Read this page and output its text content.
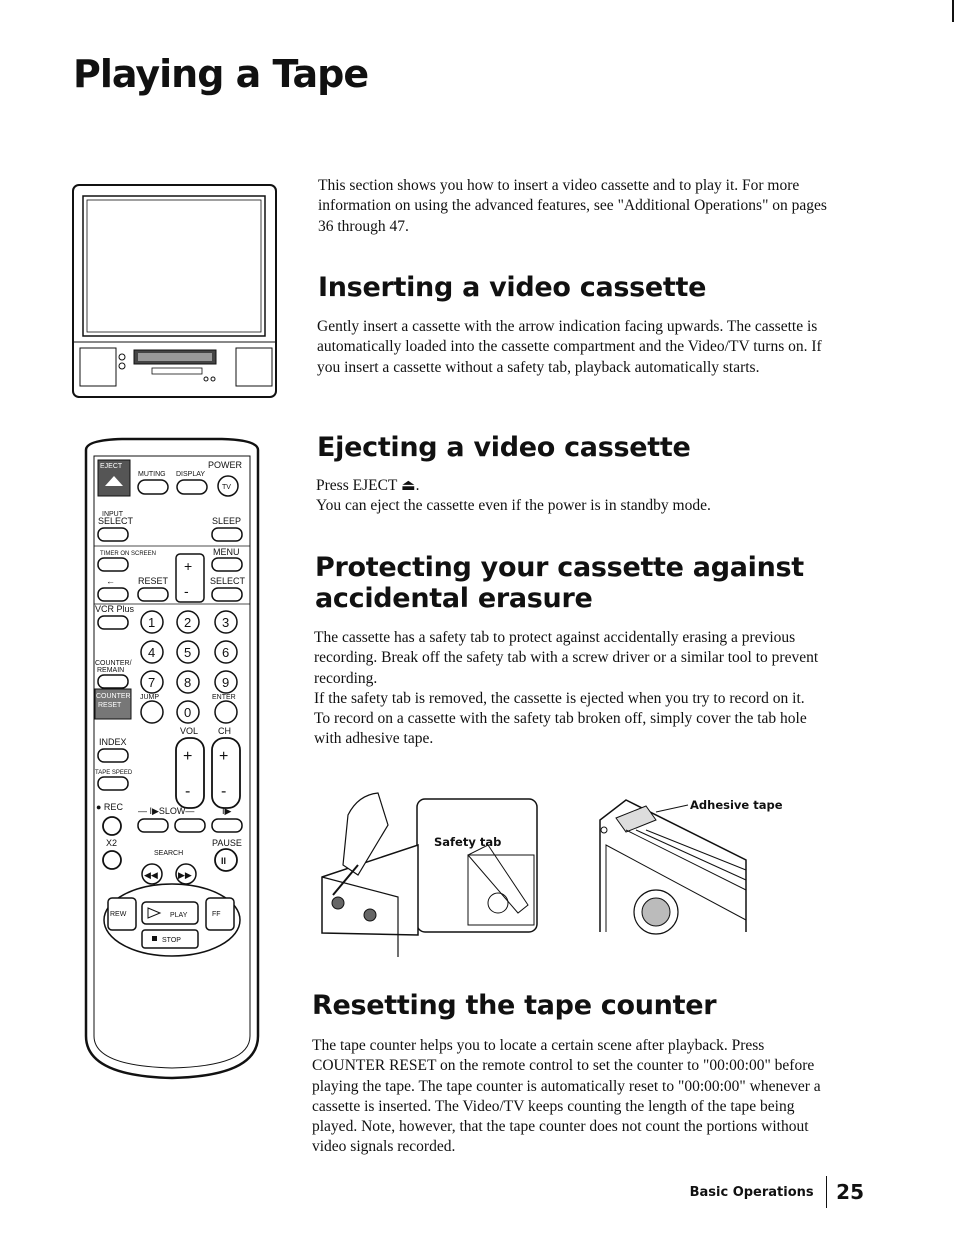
Playing a Tape
EJECT	POWER
MUTING DISPLAY
TV
INPUT
SELECT	SLEEP
TIMER ON SCREEN	MENU
+
-
←	RESET	SELECT
VCR Plus
1 2 3
4 5 6
7 8 9
0
COUNTER/
REMAIN
COUNTER
RESET
JUMP	ENTER
VOL CH
+ +
- -
INDEX
TAPE SPEED
● REC — I▶SLOW—	I▶
X2	PAUSE
SEARCH
II
◀◀ ▶▶
REW	PLAY	FF
STOP

This section shows you how to insert a video cassette and to play it. For more information on using the advanced features, see "Additional Operations" on pages 36 through 47.

Inserting a video cassette

Gently insert a cassette with the arrow indication facing upwards. The cassette is automatically loaded into the cassette compartment and the Video/TV turns on. If you insert a cassette without a safety tab, playback automatically starts.

Ejecting a video cassette

Press EJECT ⏏.

You can eject the cassette even if the power is in standby mode.

Protecting your cassette against accidental erasure

The cassette has a safety tab to protect against accidentally erasing a previous recording. Break off the safety tab with a screw driver or a similar tool to prevent recording.

If the safety tab is removed, the cassette is ejected when you try to record on it.

To record on a cassette with the safety tab broken off, simply cover the tab hole with adhesive tape.

Safety tab
Adhesive tape
Resetting the tape counter

The tape counter helps you to locate a certain scene after playback. Press COUNTER RESET on the remote control to set the counter to "00:00:00" before playing the tape. The tape counter is automatically reset to "00:00:00" whenever a cassette is inserted. The Video/TV keeps counting the length of the tape being played. Note, however, that the tape counter does not count the portions without video signals recorded.

Basic Operations 25
